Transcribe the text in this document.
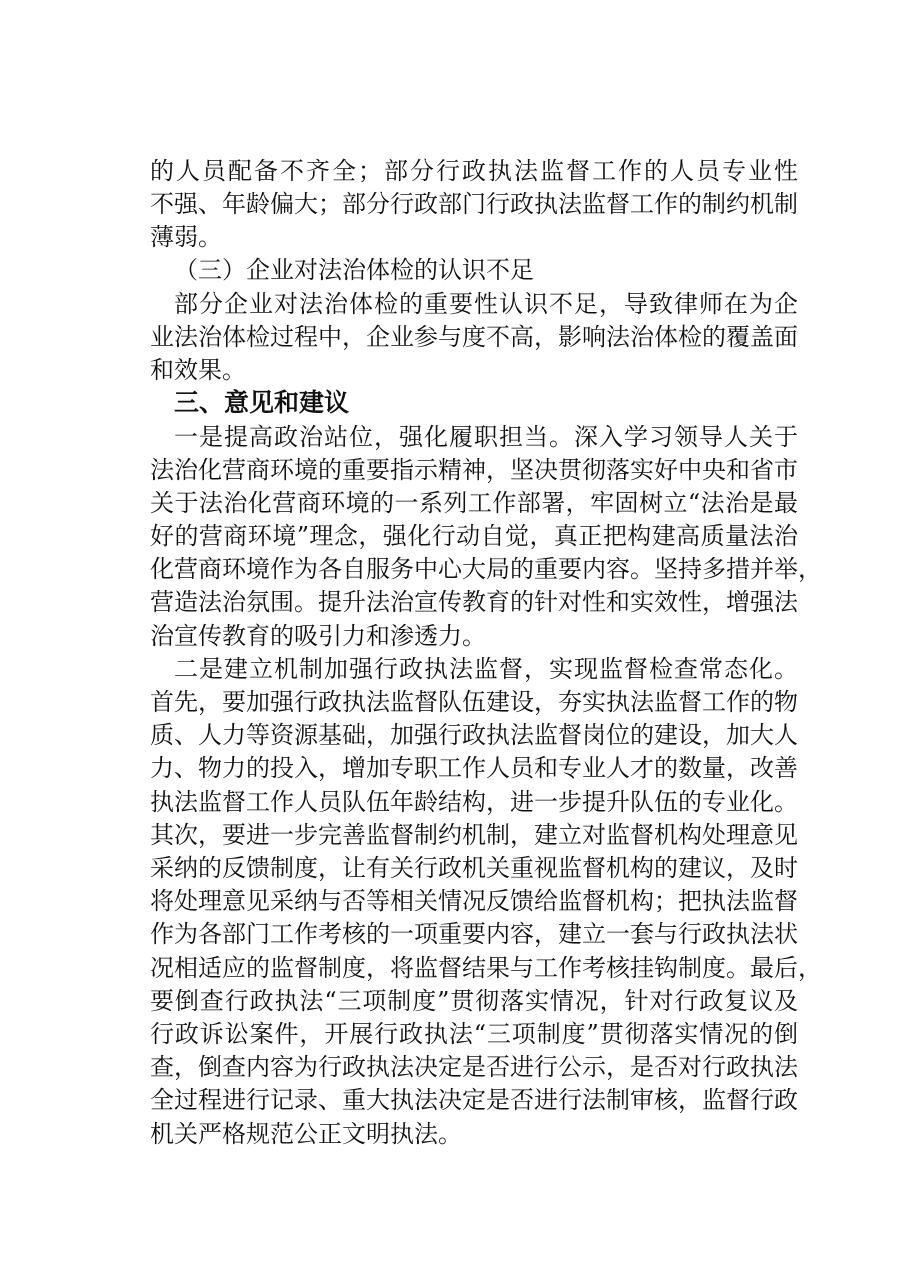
的人员配备不齐全；部分行政执法监督工作的人员专业性
不强、年龄偏大；部分行政部门行政执法监督工作的制约机制
薄弱。
（三）企业对法治体检的认识不足
部分企业对法治体检的重要性认识不足，导致律师在为企
业法治体检过程中，企业参与度不高，影响法治体检的覆盖面
和效果。
三、意见和建议
一是提高政治站位，强化履职担当。深入学习领导人关于
法治化营商环境的重要指示精神，坚决贯彻落实好中央和省市
关于法治化营商环境的一系列工作部署，牢固树立“法治是最
好的营商环境”理念，强化行动自觉，真正把构建高质量法治
化营商环境作为各自服务中心大局的重要内容。坚持多措并举，
营造法治氛围。提升法治宣传教育的针对性和实效性，增强法
治宣传教育的吸引力和渗透力。
二是建立机制加强行政执法监督，实现监督检查常态化。
首先，要加强行政执法监督队伍建设，夯实执法监督工作的物
质、人力等资源基础，加强行政执法监督岗位的建设，加大人
力、物力的投入，增加专职工作人员和专业人才的数量，改善
执法监督工作人员队伍年龄结构，进一步提升队伍的专业化。
其次，要进一步完善监督制约机制，建立对监督机构处理意见
采纳的反馈制度，让有关行政机关重视监督机构的建议，及时
将处理意见采纳与否等相关情况反馈给监督机构；把执法监督
作为各部门工作考核的一项重要内容，建立一套与行政执法状
况相适应的监督制度，将监督结果与工作考核挂钩制度。最后，
要倒查行政执法“三项制度”贯彻落实情况，针对行政复议及
行政诉讼案件，开展行政执法“三项制度”贯彻落实情况的倒
查，倒查内容为行政执法决定是否进行公示，是否对行政执法
全过程进行记录、重大执法决定是否进行法制审核，监督行政
机关严格规范公正文明执法。
